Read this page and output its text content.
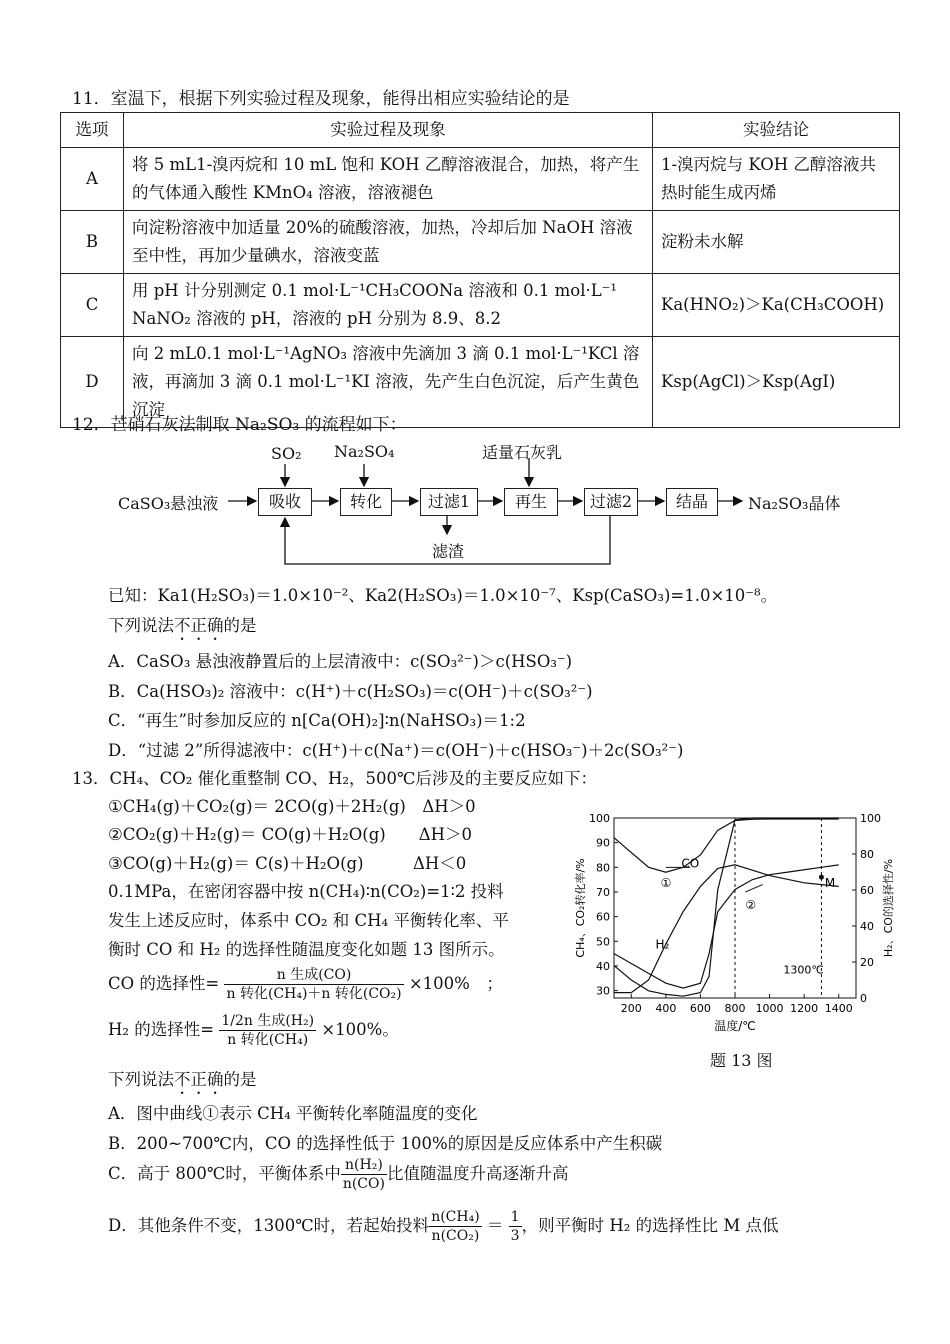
11．室温下，根据下列实验过程及现象，能得出相应实验结论的是
选项	实验过程及现象	实验结论
A	将 5 mL1-溴丙烷和 10 mL 饱和 KOH 乙醇溶液混合，加热，将产生的气体通入酸性 KMnO₄ 溶液，溶液褪色	1-溴丙烷与 KOH 乙醇溶液共热时能生成丙烯
B	向淀粉溶液中加适量 20%的硫酸溶液，加热，冷却后加 NaOH 溶液至中性，再加少量碘水，溶液变蓝	淀粉未水解
C	用 pH 计分别测定 0.1 mol·L⁻¹CH₃COONa 溶液和 0.1 mol·L⁻¹ NaNO₂ 溶液的 pH，溶液的 pH 分别为 8.9、8.2	Ka(HNO₂)＞Ka(CH₃COOH)
D	向 2 mL0.1 mol·L⁻¹AgNO₃ 溶液中先滴加 3 滴 0.1 mol·L⁻¹KCl 溶液，再滴加 3 滴 0.1 mol·L⁻¹KI 溶液，先产生白色沉淀，后产生黄色沉淀	Ksp(AgCl)＞Ksp(AgI)
12．芒硝石灰法制取 Na₂SO₃ 的流程如下：
CaSO₃悬浊液	吸收	转化	过滤1	再生	过滤2	结晶	Na₂SO₃晶体
SO₂ Na₂SO₄	适量石灰乳
滤渣
已知：Ka1(H₂SO₃)＝1.0×10⁻²、Ka2(H₂SO₃)＝1.0×10⁻⁷、Ksp(CaSO₃)=1.0×10⁻⁸。
下列说法不正确的是
A．CaSO₃ 悬浊液静置后的上层清液中：c(SO₃²⁻)＞c(HSO₃⁻)
B．Ca(HSO₃)₂ 溶液中：c(H⁺)＋c(H₂SO₃)＝c(OH⁻)＋c(SO₃²⁻)
C．“再生”时参加反应的 n[Ca(OH)₂]∶n(NaHSO₃)＝1:2
D．“过滤 2”所得滤液中：c(H⁺)＋c(Na⁺)＝c(OH⁻)＋c(HSO₃⁻)＋2c(SO₃²⁻)
13．CH₄、CO₂ 催化重整制 CO、H₂，500℃后涉及的主要反应如下：
①CH₄(g)＋CO₂(g)＝ 2CO(g)＋2H₂(g)　ΔH＞0
②CO₂(g)＋H₂(g)＝ CO(g)＋H₂O(g)　　ΔH＞0
③CO(g)＋H₂(g)＝ C(s)＋H₂O(g)　　　ΔH＜0
0.1MPa，在密闭容器中按 n(CH₄)∶n(CO₂)=1∶2 投料
发生上述反应时，体系中 CO₂ 和 CH₄ 平衡转化率、平
衡时 CO 和 H₂ 的选择性随温度变化如题 13 图所示。
CO 的选择性= $\frac{\text{n 生成(CO)}}{\text{n 转化(CH₄)＋n 转化(CO₂)}} \times 100\%$　；
H₂ 的选择性= $\frac{\text{1/2n 生成(H₂)}}{\text{n 转化(CH₄)}} \times 100\%$。
下列说法不正确的是
A．图中曲线①表示 CH₄ 平衡转化率随温度的变化
B．200~700℃内，CO 的选择性低于 100%的原因是反应体系中产生积碳
C．高于 800℃时，平衡体系中 $\frac{\text{n(H₂)}}{n(CO)}$ 比值随温度升高逐渐升高
D．其他条件不变，1300℃时，若起始投料 $\frac{\text{n(CH₄)}}{\text{n(CO₂)}} = \frac{1}{3}$ ，则平衡时 H₂ 的选择性比 M 点低
200 400 600 800 1000 1200 1400
30
40
50
60
70
80
90
100
0
20
40
60
80
100
温度/℃
CH₄、CO₂转化率/%	H₂、CO的选择性/%
①
②
CO
H₂
M
1300℃
题 13 图
